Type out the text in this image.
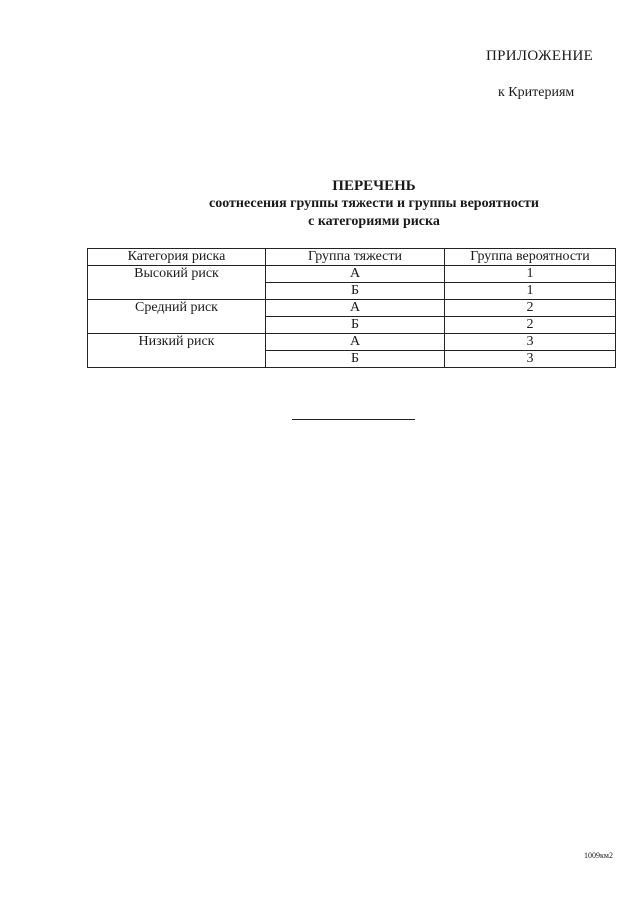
ПРИЛОЖЕНИЕ
к Критериям
ПЕРЕЧЕНЬ
соотнесения группы тяжести и группы вероятности
с категориями риска
Категория риска	Группа тяжести	Группа вероятности
Высокий риск	А	1
	Б	1
Средний риск	А	2
	Б	2
Низкий риск	А	3
	Б	3
1009км2
